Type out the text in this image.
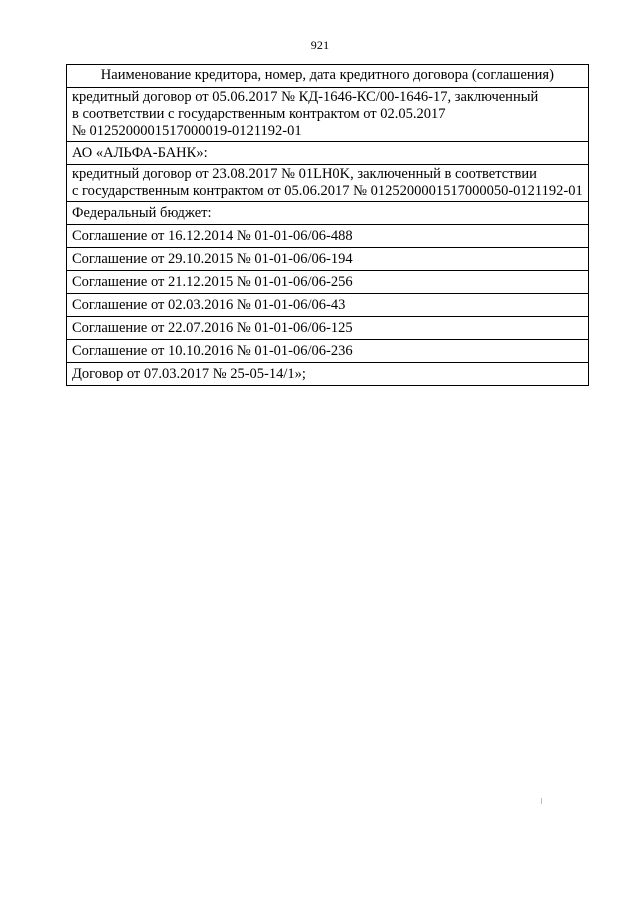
921
Наименование кредитора, номер, дата кредитного договора (соглашения)

кредитный договор от 05.06.2017 № КД-1646-КС/00-1646-17, заключенный
в соответствии с государственным контрактом от 02.05.2017
№ 0125200001517000019-0121192-01

АО «АЛЬФА-БАНК»:

кредитный договор от 23.08.2017 № 01LH0K, заключенный в соответствии
с государственным контрактом от 05.06.2017 № 0125200001517000050-0121192-01

Федеральный бюджет:

Соглашение от 16.12.2014 № 01-01-06/06-488

Соглашение от 29.10.2015 № 01-01-06/06-194

Соглашение от 21.12.2015 № 01-01-06/06-256

Соглашение от 02.03.2016 № 01-01-06/06-43

Соглашение от 22.07.2016 № 01-01-06/06-125

Соглашение от 10.10.2016 № 01-01-06/06-236

Договор от 07.03.2017 № 25-05-14/1»;
